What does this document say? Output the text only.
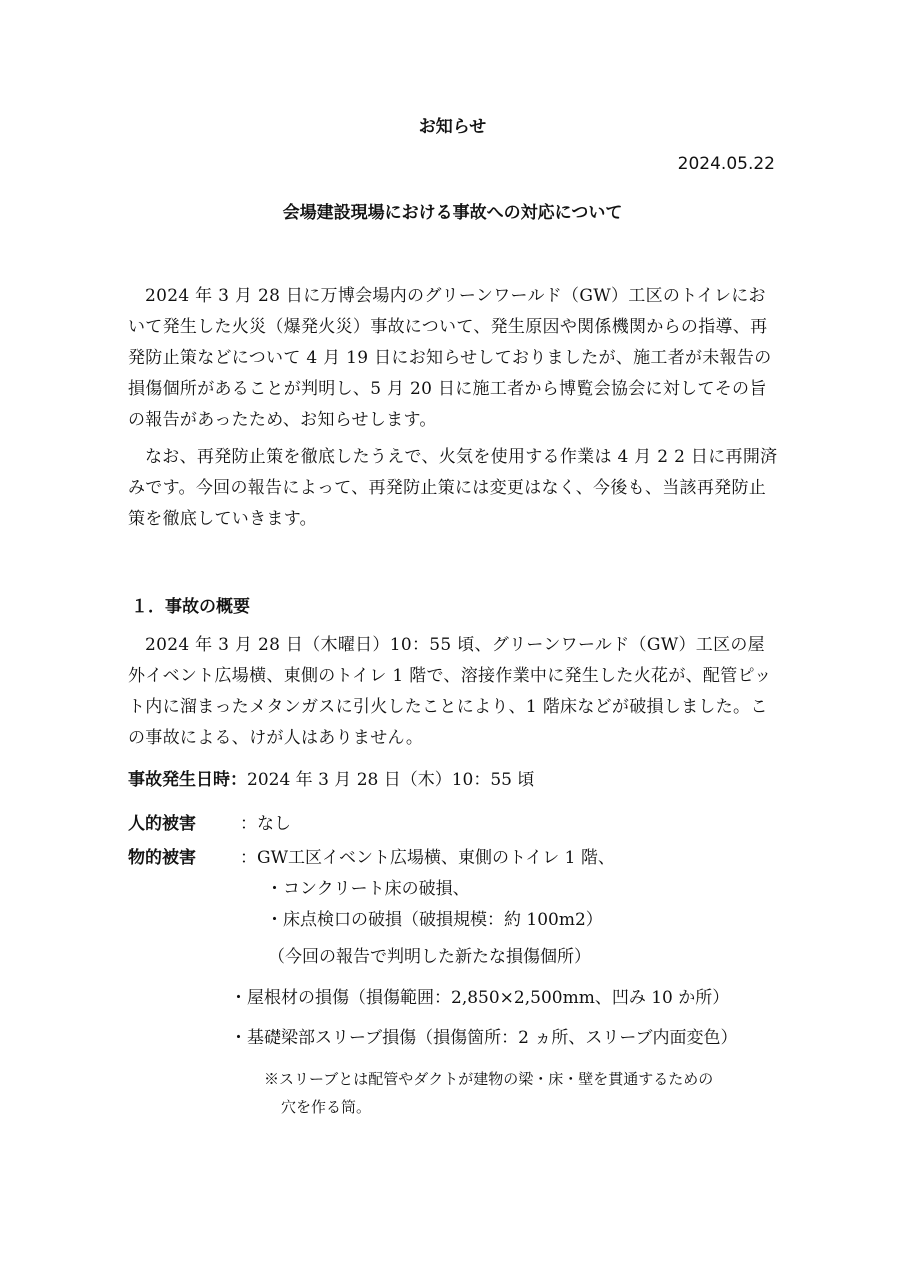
お知らせ
2024.05.22
会場建設現場における事故への対応について

2024 年 3 月 28 日に万博会場内のグリーンワールド（GW）工区のトイレにおいて発生した火災（爆発火災）事故について、発生原因や関係機関からの指導、再発防止策などについて 4 月 19 日にお知らせしておりましたが、施工者が未報告の損傷個所があることが判明し、5 月 20 日に施工者から博覧会協会に対してその旨の報告があったため、お知らせします。

なお、再発防止策を徹底したうえで、火気を使用する作業は 4 月 2 2 日に再開済みです。今回の報告によって、再発防止策には変更はなく、今後も、当該再発防止策を徹底していきます。

１．事故の概要

2024 年 3 月 28 日（木曜日）10：55 頃、グリーンワールド（GW）工区の屋外イベント広場横、東側のトイレ 1 階で、溶接作業中に発生した火花が、配管ピット内に溜まったメタンガスに引火したことにより、1 階床などが破損しました。この事故による、けが人はありません。

事故発生日時：2024 年 3 月 28 日（木）10：55 頃
人的被害	：なし
物的被害	：GW工区イベント広場横、東側のトイレ 1 階、
・コンクリート床の破損、
・床点検口の破損（破損規模：約 100m2）
（今回の報告で判明した新たな損傷個所）
・屋根材の損傷（損傷範囲：2,850×2,500mm、凹み 10 か所）
・基礎梁部スリーブ損傷（損傷箇所：2 ヵ所、スリーブ内面変色）

※スリーブとは配管やダクトが建物の梁・床・壁を貫通するための
穴を作る筒。
